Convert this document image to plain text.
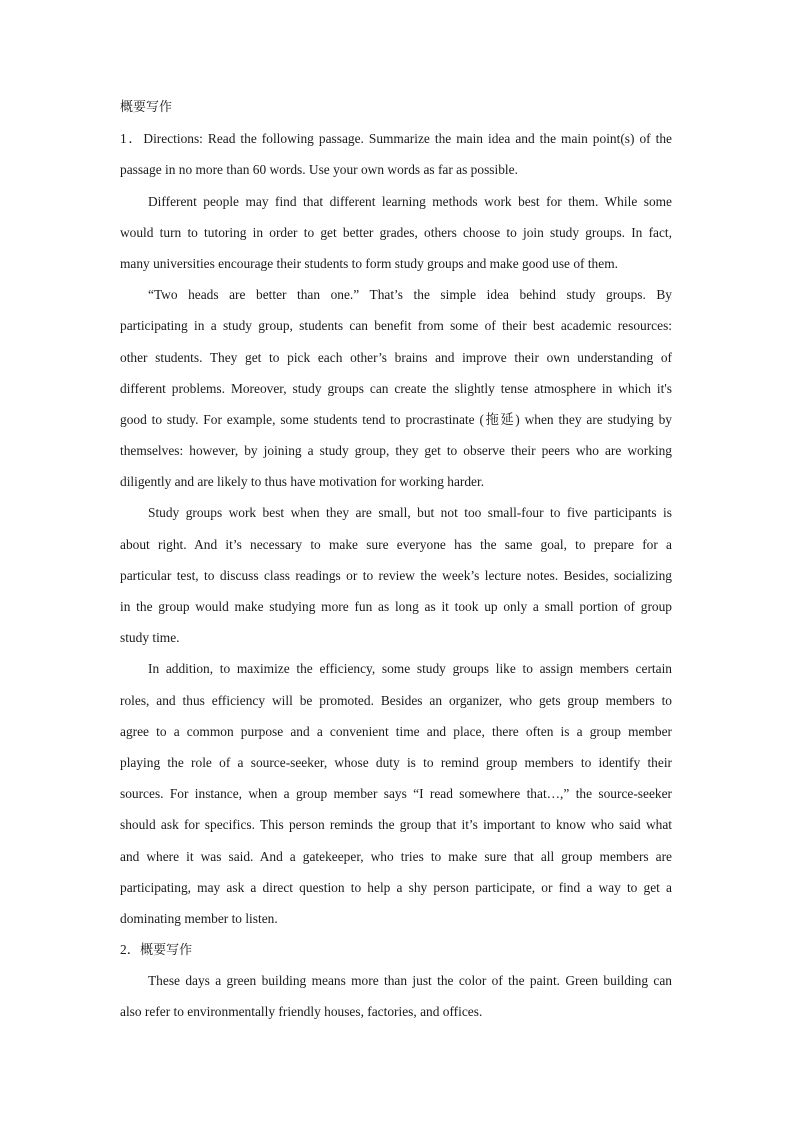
概要写作
1．Directions: Read the following passage. Summarize the main idea and the main point(s) of the
passage in no more than 60 words. Use your own words as far as possible.
Different people may find that different learning methods work best for them. While some
would turn to tutoring in order to get better grades, others choose to join study groups. In fact,
many universities encourage their students to form study groups and make good use of them.
“Two heads are better than one.” That’s the simple idea behind study groups. By
participating in a study group, students can benefit from some of their best academic resources:
other students. They get to pick each other’s brains and improve their own understanding of
different problems. Moreover, study groups can create the slightly tense atmosphere in which it's
good to study. For example, some students tend to procrastinate (拖延) when they are studying by
themselves: however, by joining a study group, they get to observe their peers who are working
diligently and are likely to thus have motivation for working harder.
Study groups work best when they are small, but not too small-four to five participants is
about right. And it’s necessary to make sure everyone has the same goal, to prepare for a
particular test, to discuss class readings or to review the week’s lecture notes. Besides, socializing
in the group would make studying more fun as long as it took up only a small portion of group
study time.
In addition, to maximize the efficiency, some study groups like to assign members certain
roles, and thus efficiency will be promoted. Besides an organizer, who gets group members to
agree to a common purpose and a convenient time and place, there often is a group member
playing the role of a source-seeker, whose duty is to remind group members to identify their
sources. For instance, when a group member says “I read somewhere that…,” the source-seeker
should ask for specifics. This person reminds the group that it’s important to know who said what
and where it was said. And a gatekeeper, who tries to make sure that all group members are
participating, may ask a direct question to help a shy person participate, or find a way to get a
dominating member to listen.
2．概要写作
These days a green building means more than just the color of the paint. Green building can
also refer to environmentally friendly houses, factories, and offices.
